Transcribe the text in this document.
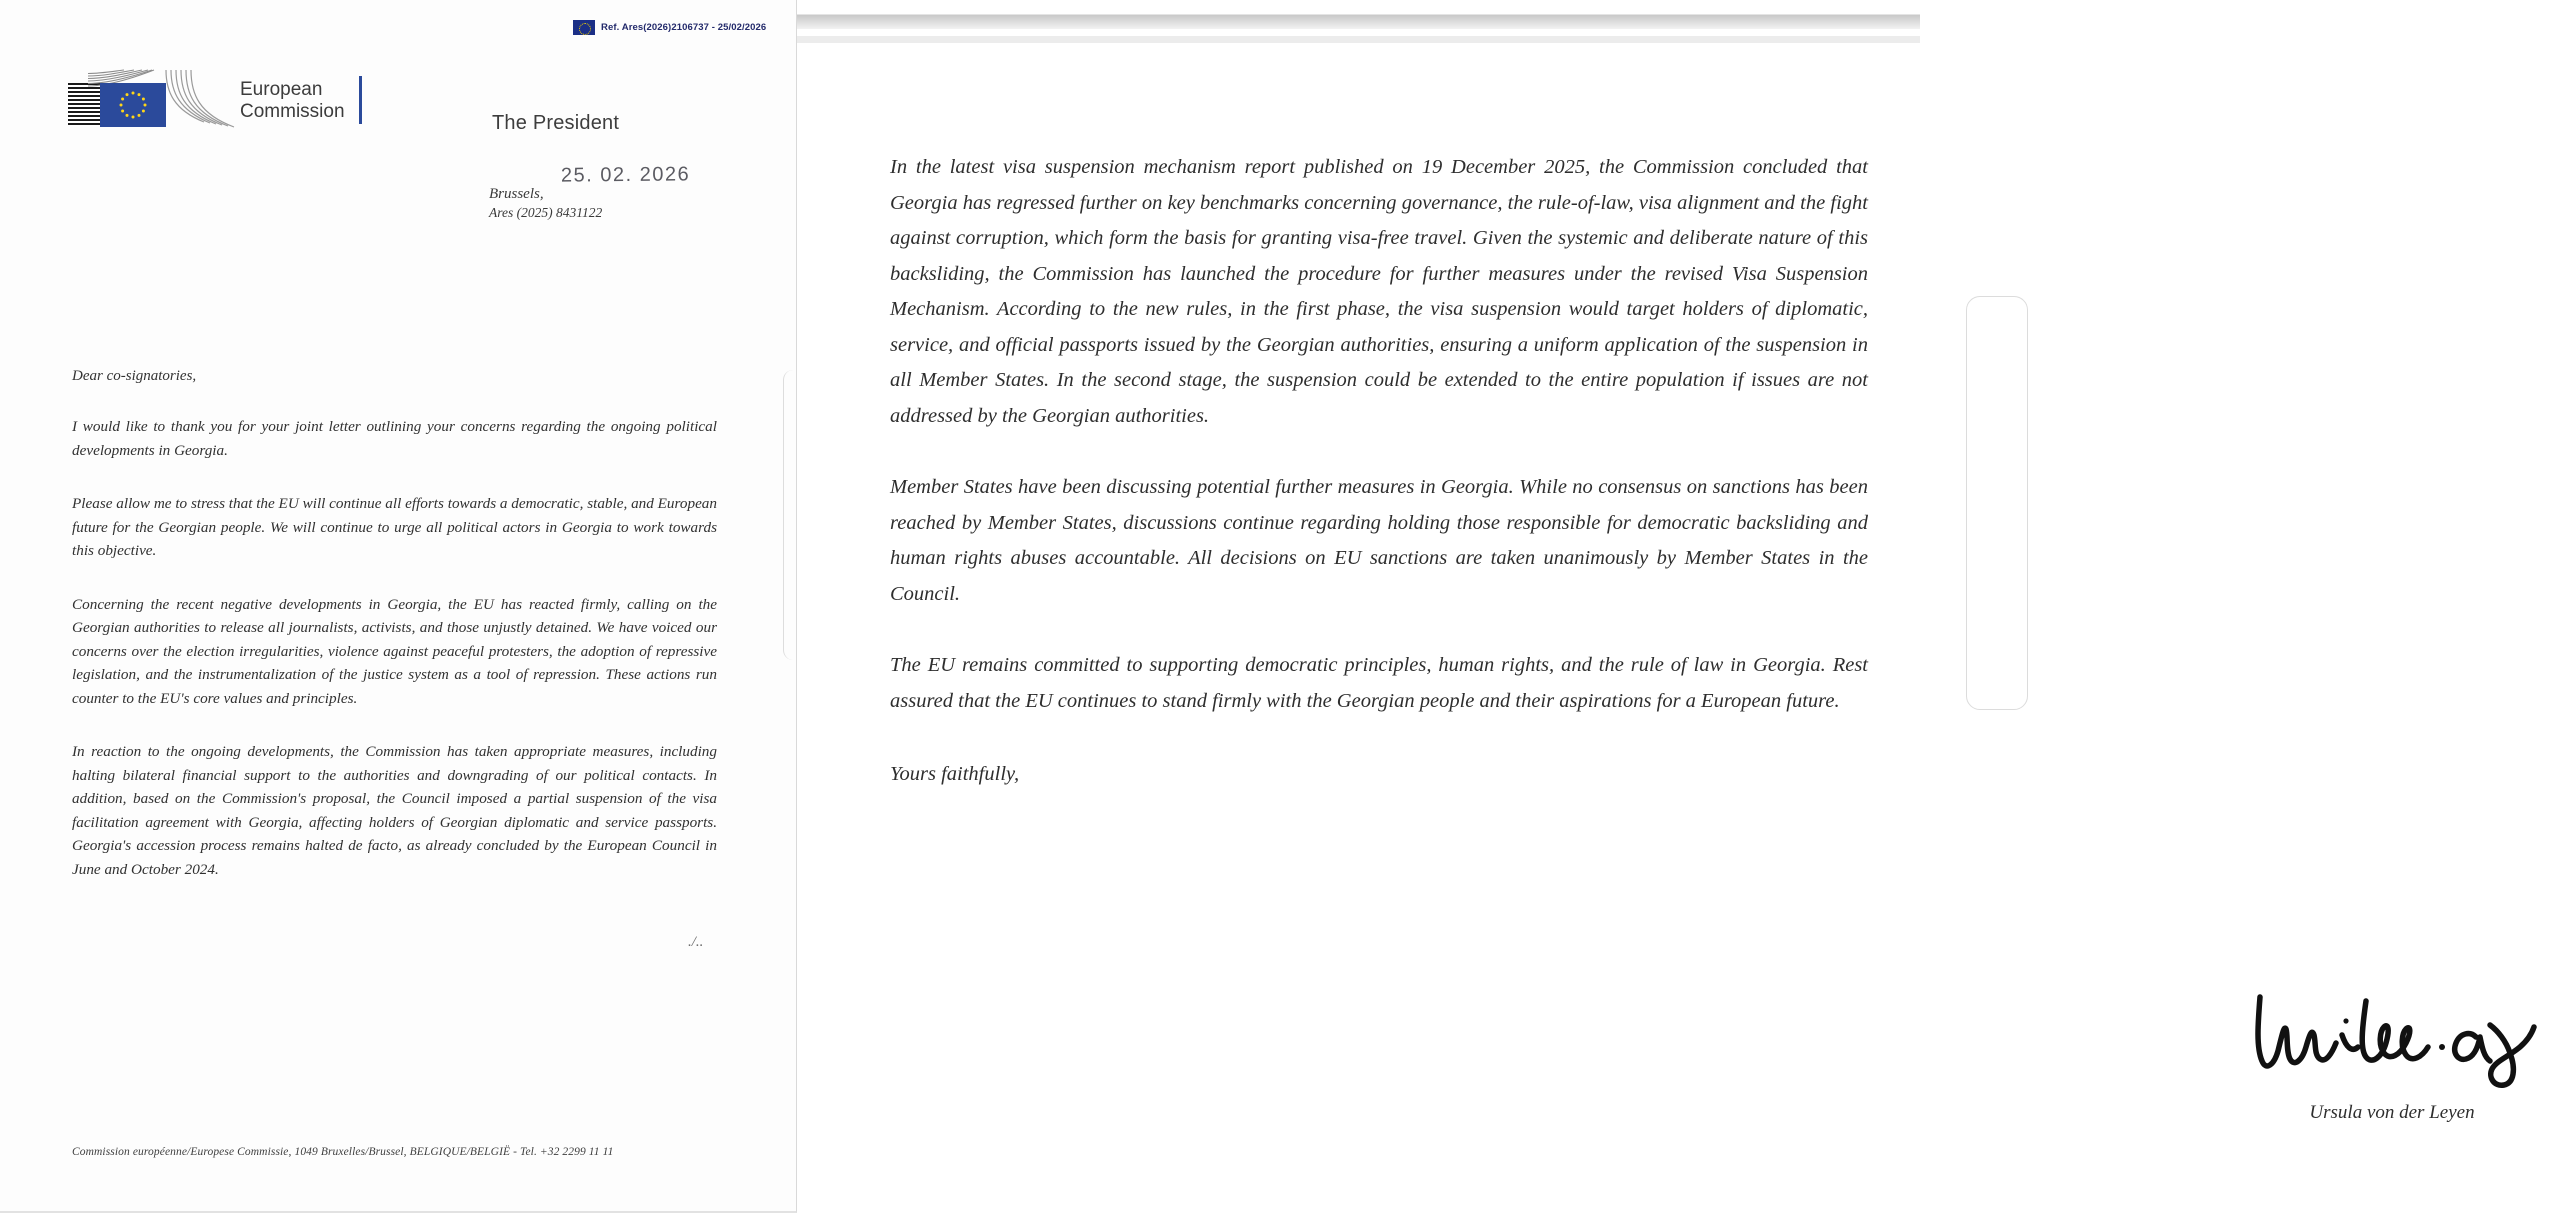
Ref. Ares(2026)2106737 - 25/02/2026
European
Commission
The President
25. 02. 2026
Brussels,
Ares (2025) 8431122
Dear co-signatories,

I would like to thank you for your joint letter outlining your concerns regarding the ongoing political developments in Georgia.

Please allow me to stress that the EU will continue all efforts towards a democratic, stable, and European future for the Georgian people. We will continue to urge all political actors in Georgia to work towards this objective.

Concerning the recent negative developments in Georgia, the EU has reacted firmly, calling on the Georgian authorities to release all journalists, activists, and those unjustly detained. We have voiced our concerns over the election irregularities, violence against peaceful protesters, the adoption of repressive legislation, and the instrumentalization of the justice system as a tool of repression. These actions run counter to the EU's core values and principles.

In reaction to the ongoing developments, the Commission has taken appropriate measures, including halting bilateral financial support to the authorities and downgrading of our political contacts. In addition, based on the Commission's proposal, the Council imposed a partial suspension of the visa facilitation agreement with Georgia, affecting holders of Georgian diplomatic and service passports. Georgia's accession process remains halted de facto, as already concluded by the European Council in June and October 2024.

./..
Commission européenne/Europese Commissie, 1049 Bruxelles/Brussel, BELGIQUE/BELGIË - Tel. +32 2299 11 11

In the latest visa suspension mechanism report published on 19 December 2025, the Commission concluded that Georgia has regressed further on key benchmarks concerning governance, the rule-of-law, visa alignment and the fight against corruption, which form the basis for granting visa-free travel. Given the systemic and deliberate nature of this backsliding, the Commission has launched the procedure for further measures under the revised Visa Suspension Mechanism. According to the new rules, in the first phase, the visa suspension would target holders of diplomatic, service, and official passports issued by the Georgian authorities, ensuring a uniform application of the suspension in all Member States. In the second stage, the suspension could be extended to the entire population if issues are not addressed by the Georgian authorities.

Member States have been discussing potential further measures in Georgia. While no consensus on sanctions has been reached by Member States, discussions continue regarding holding those responsible for democratic backsliding and human rights abuses accountable. All decisions on EU sanctions are taken unanimously by Member States in the Council.

The EU remains committed to supporting democratic principles, human rights, and the rule of law in Georgia. Rest assured that the EU continues to stand firmly with the Georgian people and their aspirations for a European future.

Yours faithfully,
Ursula von der Leyen
